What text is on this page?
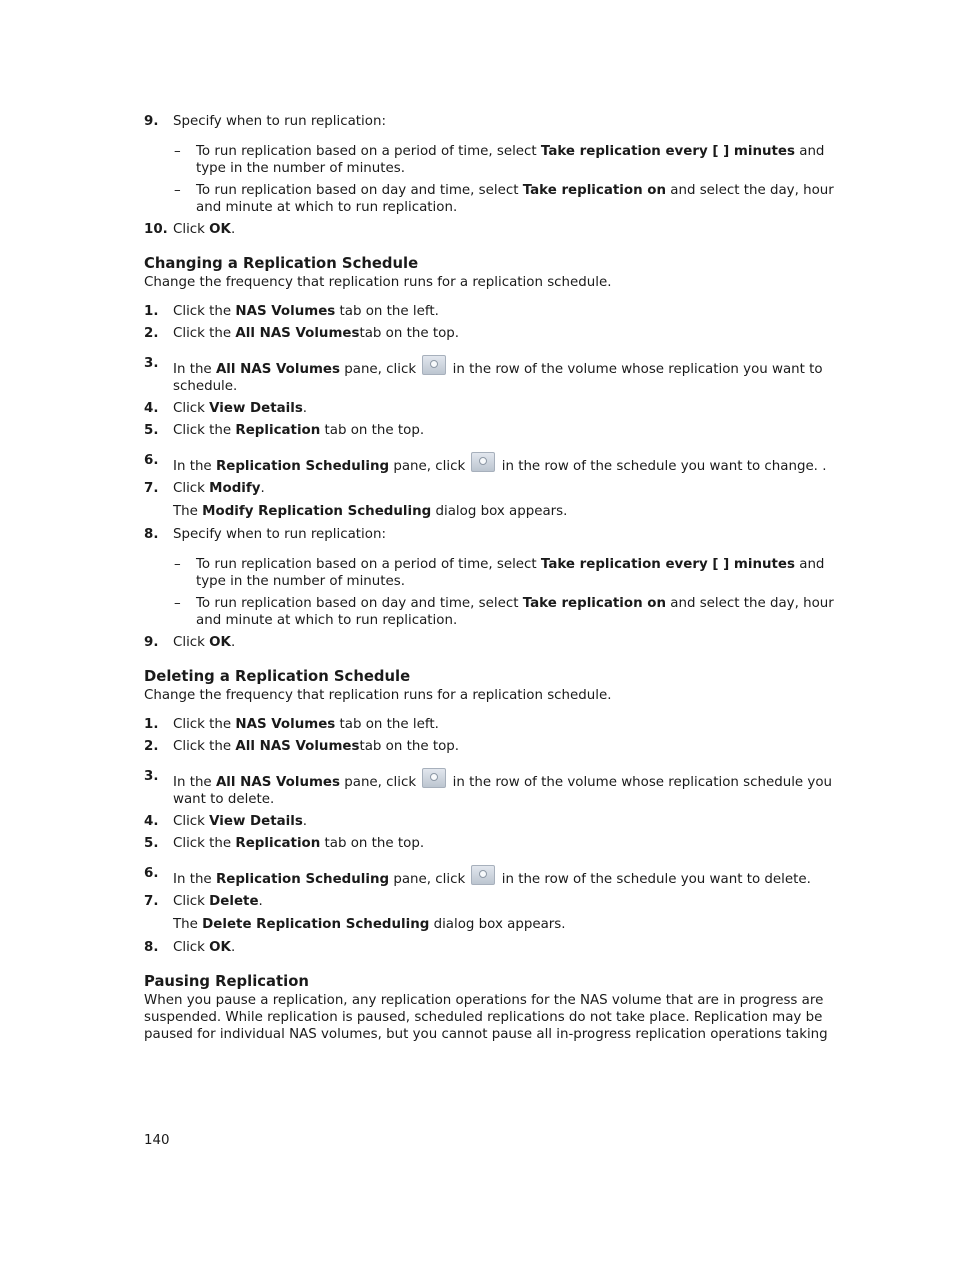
9. Specify when to run replication:
– To run replication based on a period of time, select Take replication every [ ] minutes and type in the number of minutes.
– To run replication based on day and time, select Take replication on and select the day, hour and minute at which to run replication.
10. Click OK.
Changing a Replication Schedule

Change the frequency that replication runs for a replication schedule.

1. Click the NAS Volumes tab on the left.
2. Click the All NAS Volumestab on the top.
3. In the All NAS Volumes pane, click  in the row of the volume whose replication you want to schedule.
4. Click View Details.
5. Click the Replication tab on the top.
6. In the Replication Scheduling pane, click  in the row of the schedule you want to change. .
7. Click Modify.
The Modify Replication Scheduling dialog box appears.
8. Specify when to run replication:
– To run replication based on a period of time, select Take replication every [ ] minutes and type in the number of minutes.
– To run replication based on day and time, select Take replication on and select the day, hour and minute at which to run replication.
9. Click OK.
Deleting a Replication Schedule

Change the frequency that replication runs for a replication schedule.

1. Click the NAS Volumes tab on the left.
2. Click the All NAS Volumestab on the top.
3. In the All NAS Volumes pane, click  in the row of the volume whose replication schedule you want to delete.
4. Click View Details.
5. Click the Replication tab on the top.
6. In the Replication Scheduling pane, click  in the row of the schedule you want to delete.
7. Click Delete.
The Delete Replication Scheduling dialog box appears.
8. Click OK.
Pausing Replication

When you pause a replication, any replication operations for the NAS volume that are in progress are suspended. While replication is paused, scheduled replications do not take place. Replication may be paused for individual NAS volumes, but you cannot pause all in-progress replication operations taking

140
